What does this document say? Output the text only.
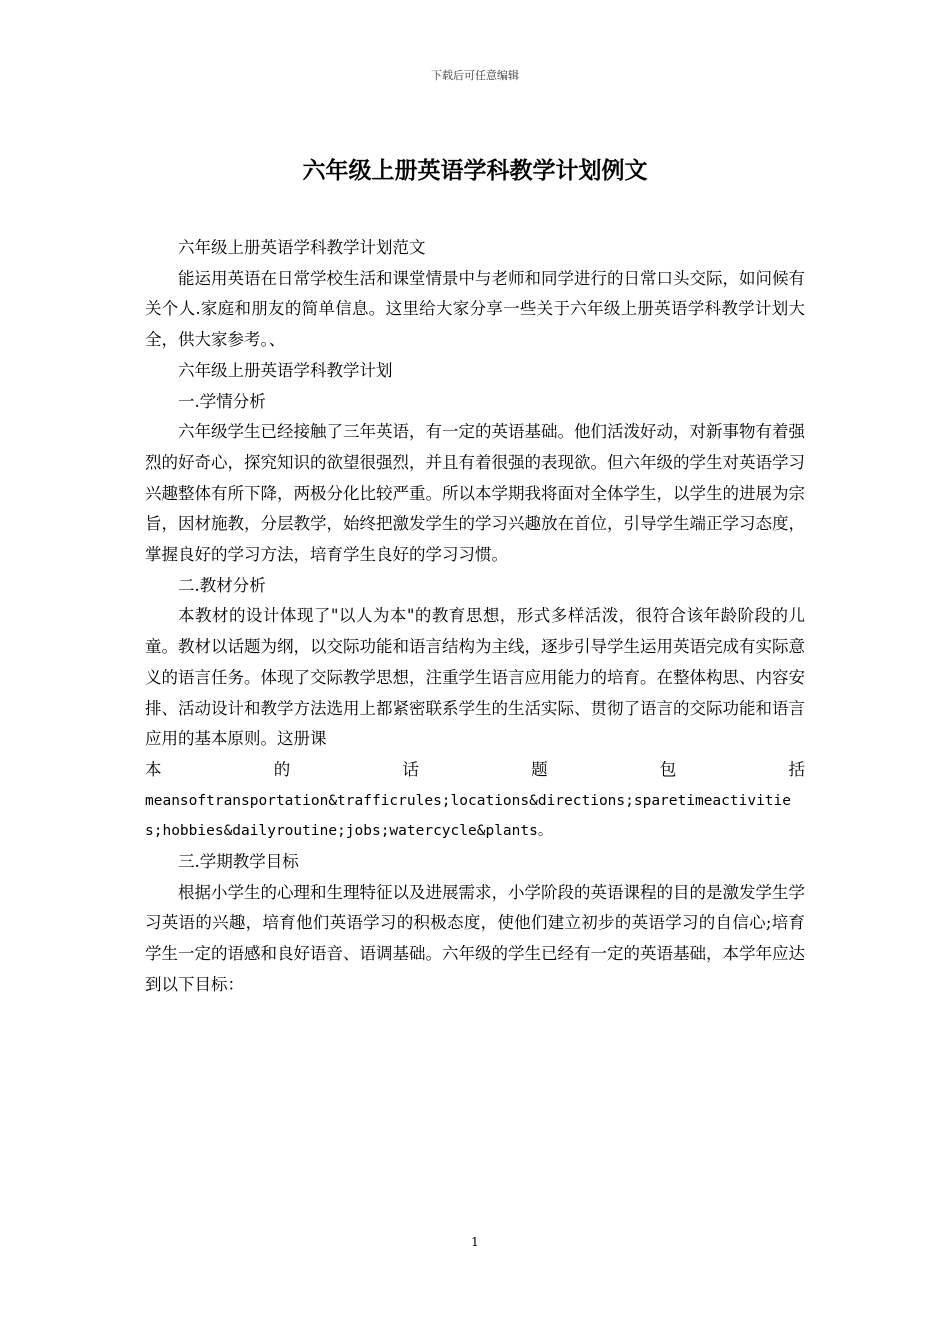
下载后可任意编辑
六年级上册英语学科教学计划例文

六年级上册英语学科教学计划范文

能运用英语在日常学校生活和课堂情景中与老师和同学进行的日常口头交际，如问候有关个人.家庭和朋友的简单信息。这里给大家分享一些关于六年级上册英语学科教学计划大全，供大家参考。、

六年级上册英语学科教学计划

一.学情分析

六年级学生已经接触了三年英语，有一定的英语基础。他们活泼好动，对新事物有着强烈的好奇心，探究知识的欲望很强烈，并且有着很强的表现欲。但六年级的学生对英语学习兴趣整体有所下降，两极分化比较严重。所以本学期我将面对全体学生，以学生的进展为宗旨，因材施教，分层教学，始终把激发学生的学习兴趣放在首位，引导学生端正学习态度，掌握良好的学习方法，培育学生良好的学习习惯。

二.教材分析

本教材的设计体现了"以人为本"的教育思想，形式多样活泼，很符合该年龄阶段的儿童。教材以话题为纲，以交际功能和语言结构为主线，逐步引导学生运用英语完成有实际意义的语言任务。体现了交际教学思想，注重学生语言应用能力的培育。在整体构思、内容安排、活动设计和教学方法选用上都紧密联系学生的生活实际、贯彻了语言的交际功能和语言应用的基本原则。这册课

本	的	话	题	包	括

meansoftransportation&trafficrules;locations&directions;sparetimeactivities;hobbies&dailyroutine;jobs;watercycle&plants。

三.学期教学目标

根据小学生的心理和生理特征以及进展需求，小学阶段的英语课程的目的是激发学生学习英语的兴趣，培育他们英语学习的积极态度，使他们建立初步的英语学习的自信心;培育学生一定的语感和良好语音、语调基础。六年级的学生已经有一定的英语基础，本学年应达到以下目标：

1
